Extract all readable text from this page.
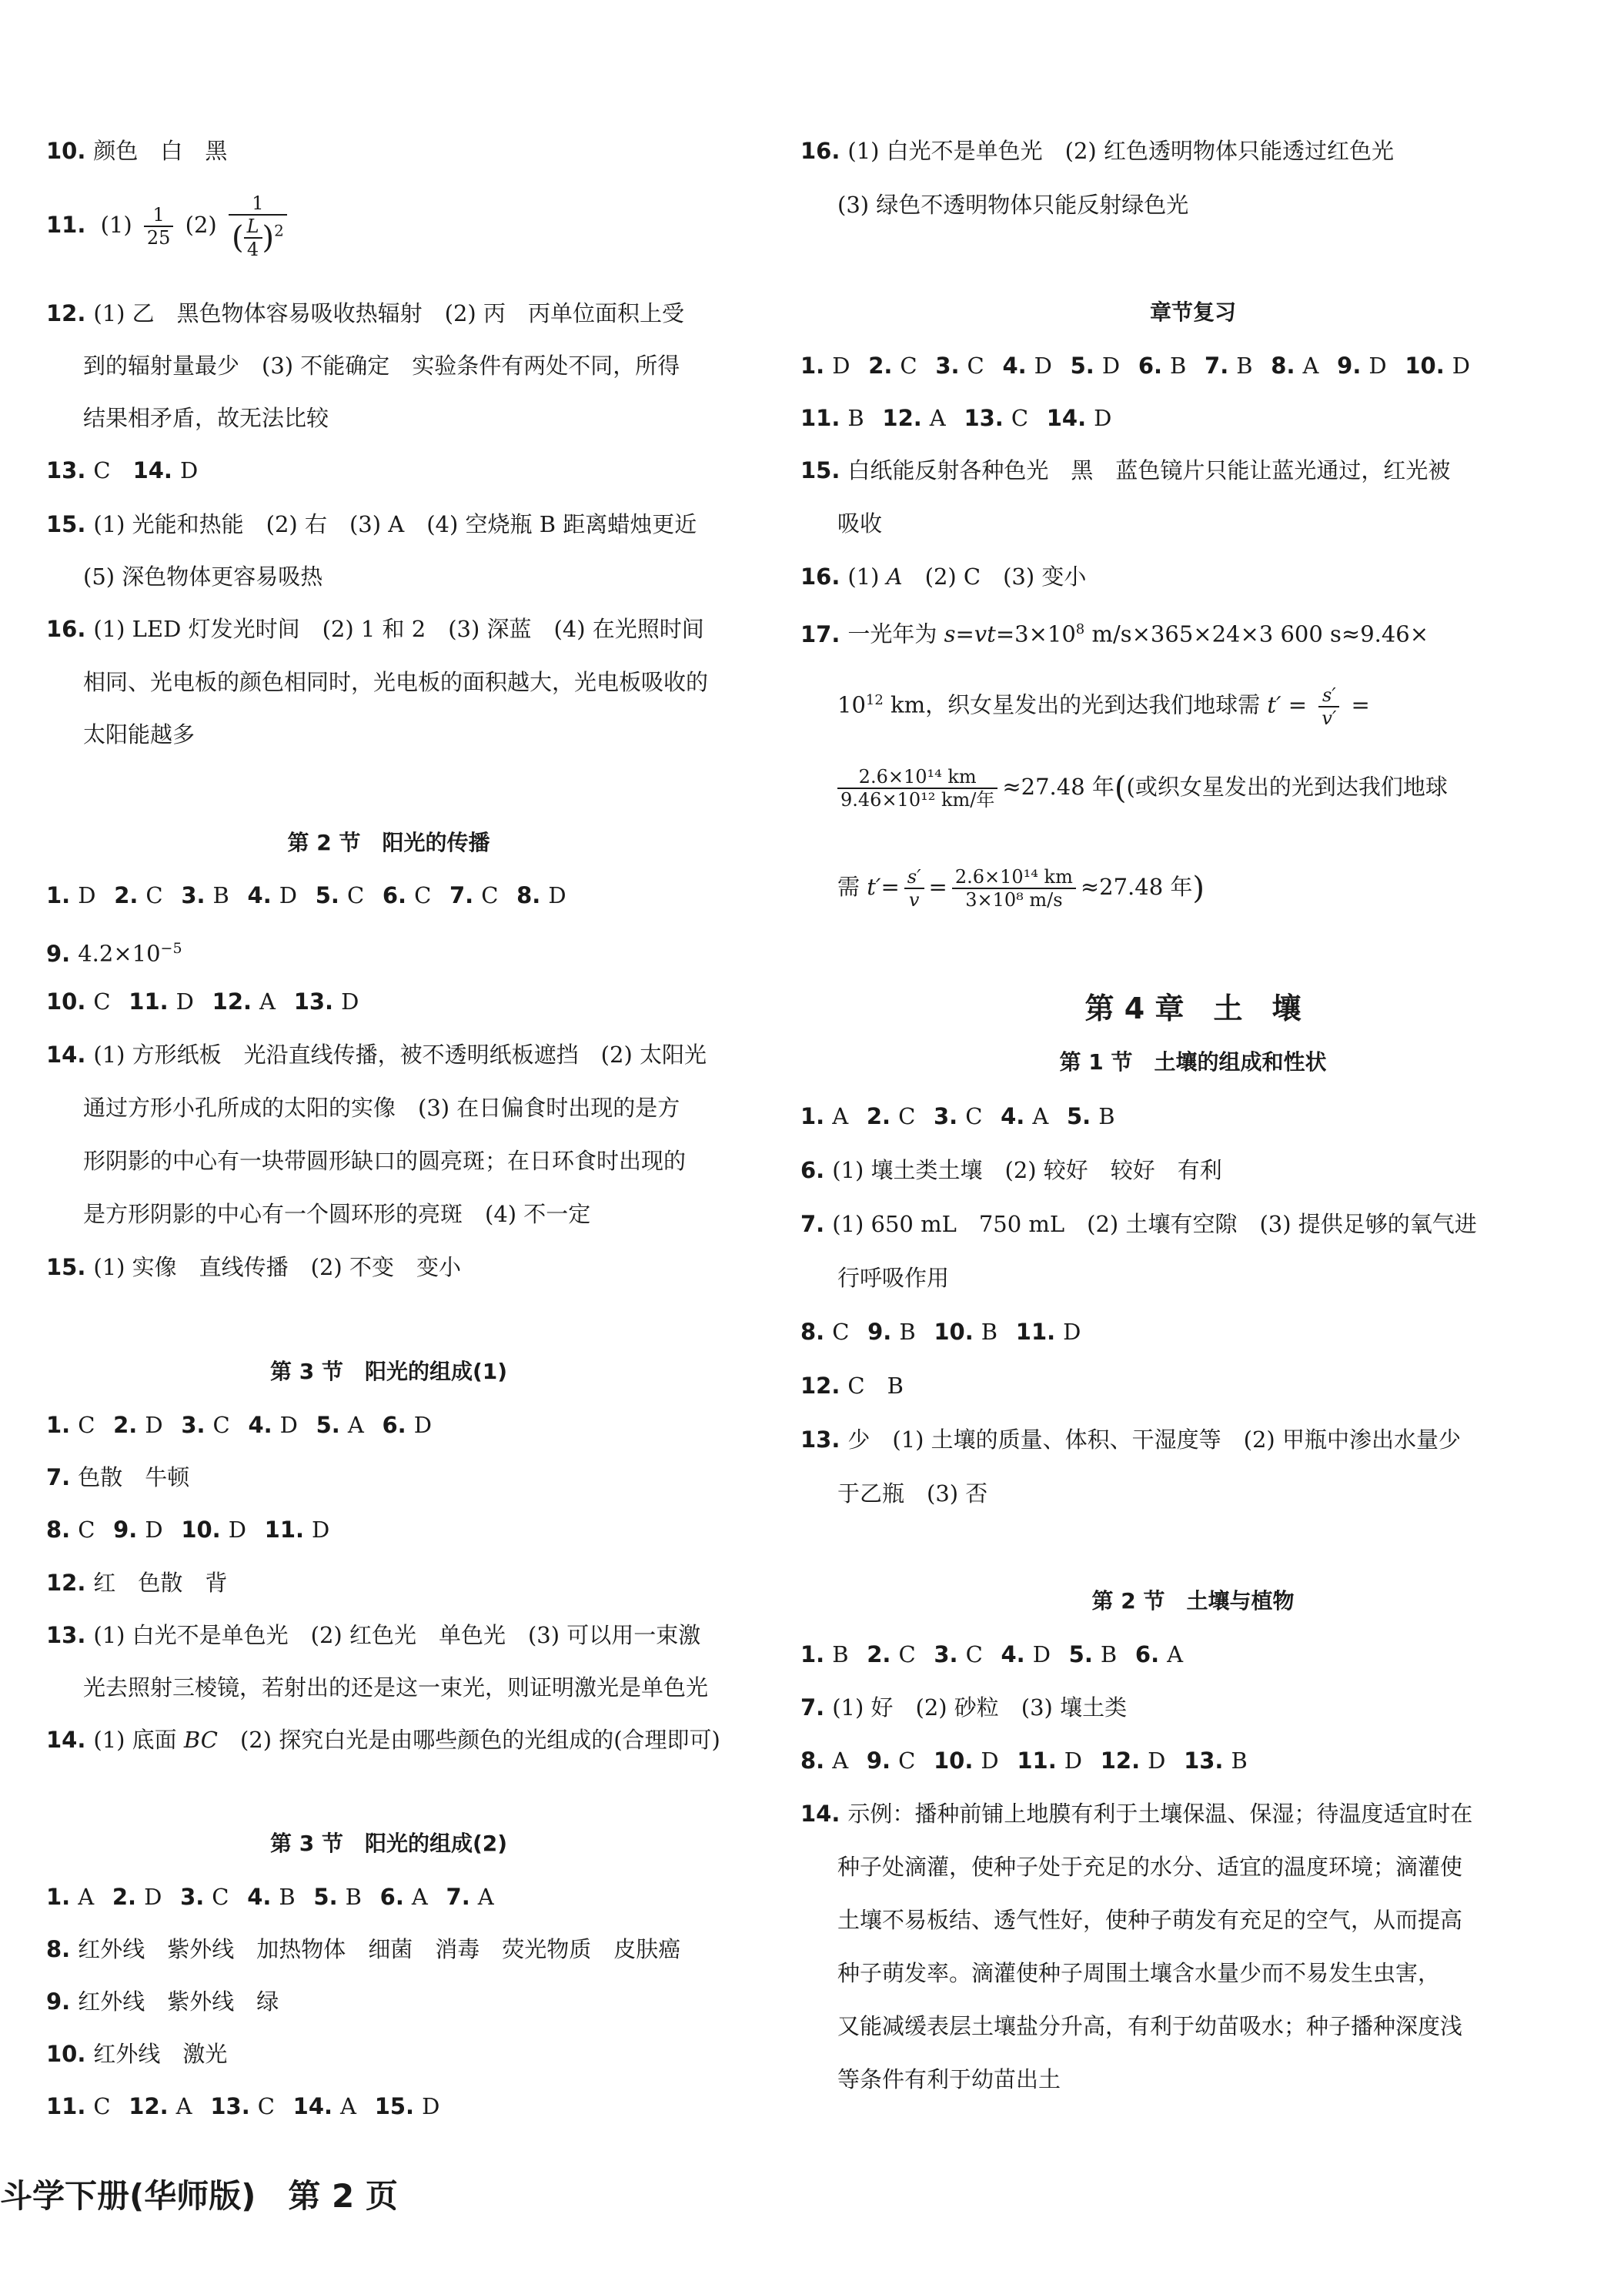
10. 颜色　白　黑
11. $(1) \frac{1}{25} (2) \frac{1}{( \frac{L}{4} )^2}$
12. (1) 乙　黑色物体容易吸收热辐射　(2) 丙　丙单位面积上受
到的辐射量最少　(3) 不能确定　实验条件有两处不同，所得
结果相矛盾，故无法比较
13. C　14. D
15. (1) 光能和热能　(2) 右　(3) A　(4) 空烧瓶 B 距离蜡烛更近
(5) 深色物体更容易吸热
16. (1) LED 灯发光时间　(2) 1 和 2　(3) 深蓝　(4) 在光照时间
相同、光电板的颜色相同时，光电板的面积越大，光电板吸收的
太阳能越多
第 2 节　阳光的传播
1. D  2. C  3. B  4. D  5. C  6. C  7. C  8. D
9. $4.2\times 10^{-5}$
10. C  11. D  12. A  13. D
14. (1) 方形纸板　光沿直线传播，被不透明纸板遮挡　(2) 太阳光
通过方形小孔所成的太阳的实像　(3) 在日偏食时出现的是方
形阴影的中心有一块带圆形缺口的圆亮斑；在日环食时出现的
是方形阴影的中心有一个圆环形的亮斑　(4) 不一定
15. (1) 实像　直线传播　(2) 不变　变小
第 3 节　阳光的组成(1)
1. C  2. D  3. C  4. D  5. A  6. D
7. 色散　牛顿
8. C  9. D  10. D  11. D
12. 红　色散　背
13. (1) 白光不是单色光　(2) 红色光　单色光　(3) 可以用一束激
光去照射三棱镜，若射出的还是这一束光，则证明激光是单色光
14. (1) 底面 BC　(2) 探究白光是由哪些颜色的光组成的(合理即可)
第 3 节　阳光的组成(2)
1. A  2. D  3. C  4. B  5. B  6. A  7. A
8. 红外线　紫外线　加热物体　细菌　消毒　荧光物质　皮肤癌
9. 红外线　紫外线　绿
10. 红外线　激光
11. C  12. A  13. C  14. A  15. D
16. (1) 白光不是单色光　(2) 红色透明物体只能透过红色光
(3) 绿色不透明物体只能反射绿色光
章节复习
1. D  2. C  3. C  4. D  5. D  6. B  7. B  8. A  9. D  10. D
11. B  12. A  13. C  14. D
15. 白纸能反射各种色光　黑　蓝色镜片只能让蓝光通过，红光被
吸收
16. (1) A　(2) C　(3) 变小
17. 一光年为 $s=vt=3\times 10^8$ m/s×365×24×3 600 s≈9.46×
$10^{12}$ km，织女星发出的光到达我们地球需 $t' = \frac{s'}{v'}$ =
$\frac{\text{2.6×10¹⁴ km}}{\text{9.46×10¹² km/年}} \approx 27.48$ 年((或织女星发出的光到达我们地球
需 $t'= \frac{s'}{v} = \frac{\text{2.6×10¹⁴ km}}{\text{3×10⁸ m/s}} \approx 27.48$ 年)
第 4 章　土　壤
第 1 节　土壤的组成和性状
1. A  2. C  3. C  4. A  5. B
6. (1) 壤土类土壤　(2) 较好　较好　有利
7. (1) 650 mL　750 mL　(2) 土壤有空隙　(3) 提供足够的氧气进
行呼吸作用
8. C  9. B  10. B  11. D
12. C　B
13. 少　(1) 土壤的质量、体积、干湿度等　(2) 甲瓶中渗出水量少
于乙瓶　(3) 否
第 2 节　土壤与植物
1. B  2. C  3. C  4. D  5. B  6. A
7. (1) 好　(2) 砂粒　(3) 壤土类
8. A  9. C  10. D  11. D  12. D  13. B
14. 示例：播种前铺上地膜有利于土壤保温、保湿；待温度适宜时在
种子处滴灌，使种子处于充足的水分、适宜的温度环境；滴灌使
土壤不易板结、透气性好，使种子萌发有充足的空气，从而提高
种子萌发率。滴灌使种子周围土壤含水量少而不易发生虫害，
又能减缓表层土壤盐分升高，有利于幼苗吸水；种子播种深度浅
等条件有利于幼苗出土
斗学下册(华师版)　第 2 页
